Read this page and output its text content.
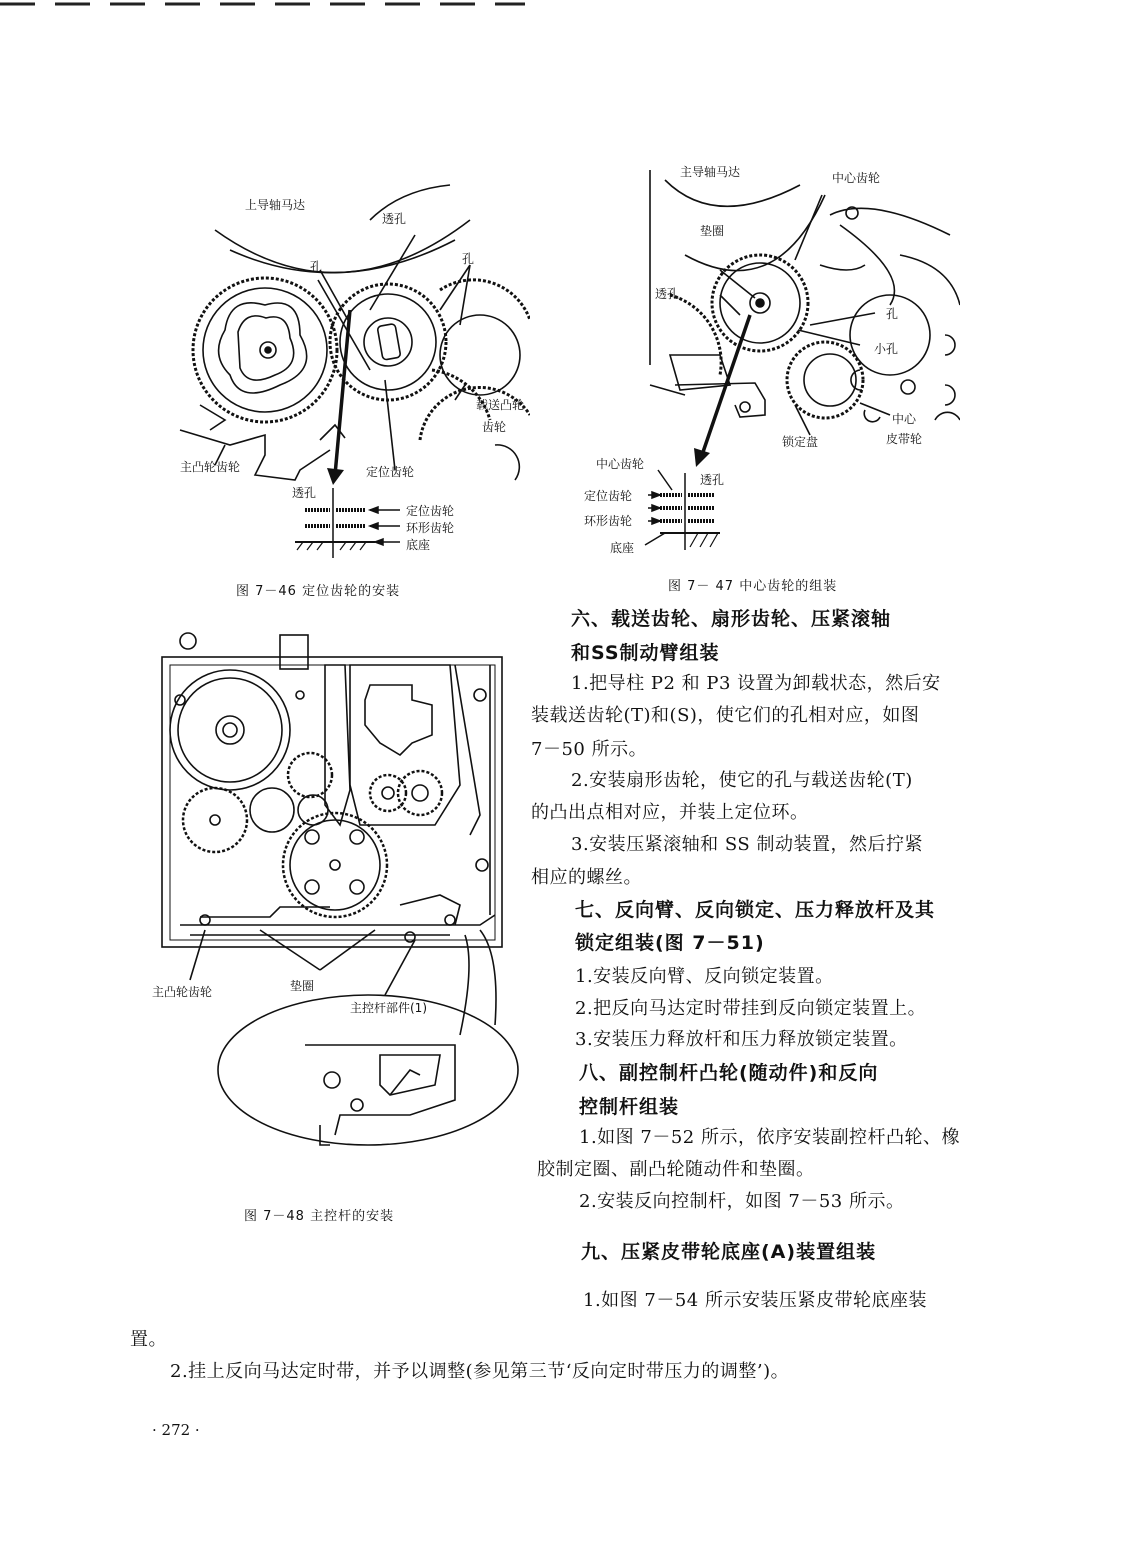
上导轴马达
透孔
孔
孔
载送凸轮
齿轮
主凸轮齿轮	定位齿轮
透孔
定位齿轮
环形齿轮
底座
图 7－46 定位齿轮的安装
主导轴马达	中心齿轮
垫圈
透孔
孔
小孔
中心
皮带轮
锁定盘
中心齿轮
透孔
定位齿轮
环形齿轮
底座
图 7－ 47 中心齿轮的组装
主凸轮齿轮	垫圈
主控杆部件(1)
图 7－48 主控杆的安装
六、载送齿轮、扇形齿轮、压紧滚轴
和SS制动臂组装
1.把导柱 P2 和 P3 设置为卸载状态，然后安
装载送齿轮(T)和(S)，使它们的孔相对应，如图
7－50 所示。
2.安装扇形齿轮，使它的孔与载送齿轮(T)
的凸出点相对应，并装上定位环。
3.安装压紧滚轴和 SS 制动装置，然后拧紧
相应的螺丝。
七、反向臂、反向锁定、压力释放杆及其
锁定组装(图 7－51)
1.安装反向臂、反向锁定装置。
2.把反向马达定时带挂到反向锁定装置上。
3.安装压力释放杆和压力释放锁定装置。
八、副控制杆凸轮(随动件)和反向
控制杆组装
1.如图 7－52 所示，依序安装副控杆凸轮、橡
胶制定圈、副凸轮随动件和垫圈。
2.安装反向控制杆，如图 7－53 所示。
九、压紧皮带轮底座(A)装置组装
1.如图 7－54 所示安装压紧皮带轮底座装
置。
2.挂上反向马达定时带，并予以调整(参见第三节‘反向定时带压力的调整’)。
· 272 ·
